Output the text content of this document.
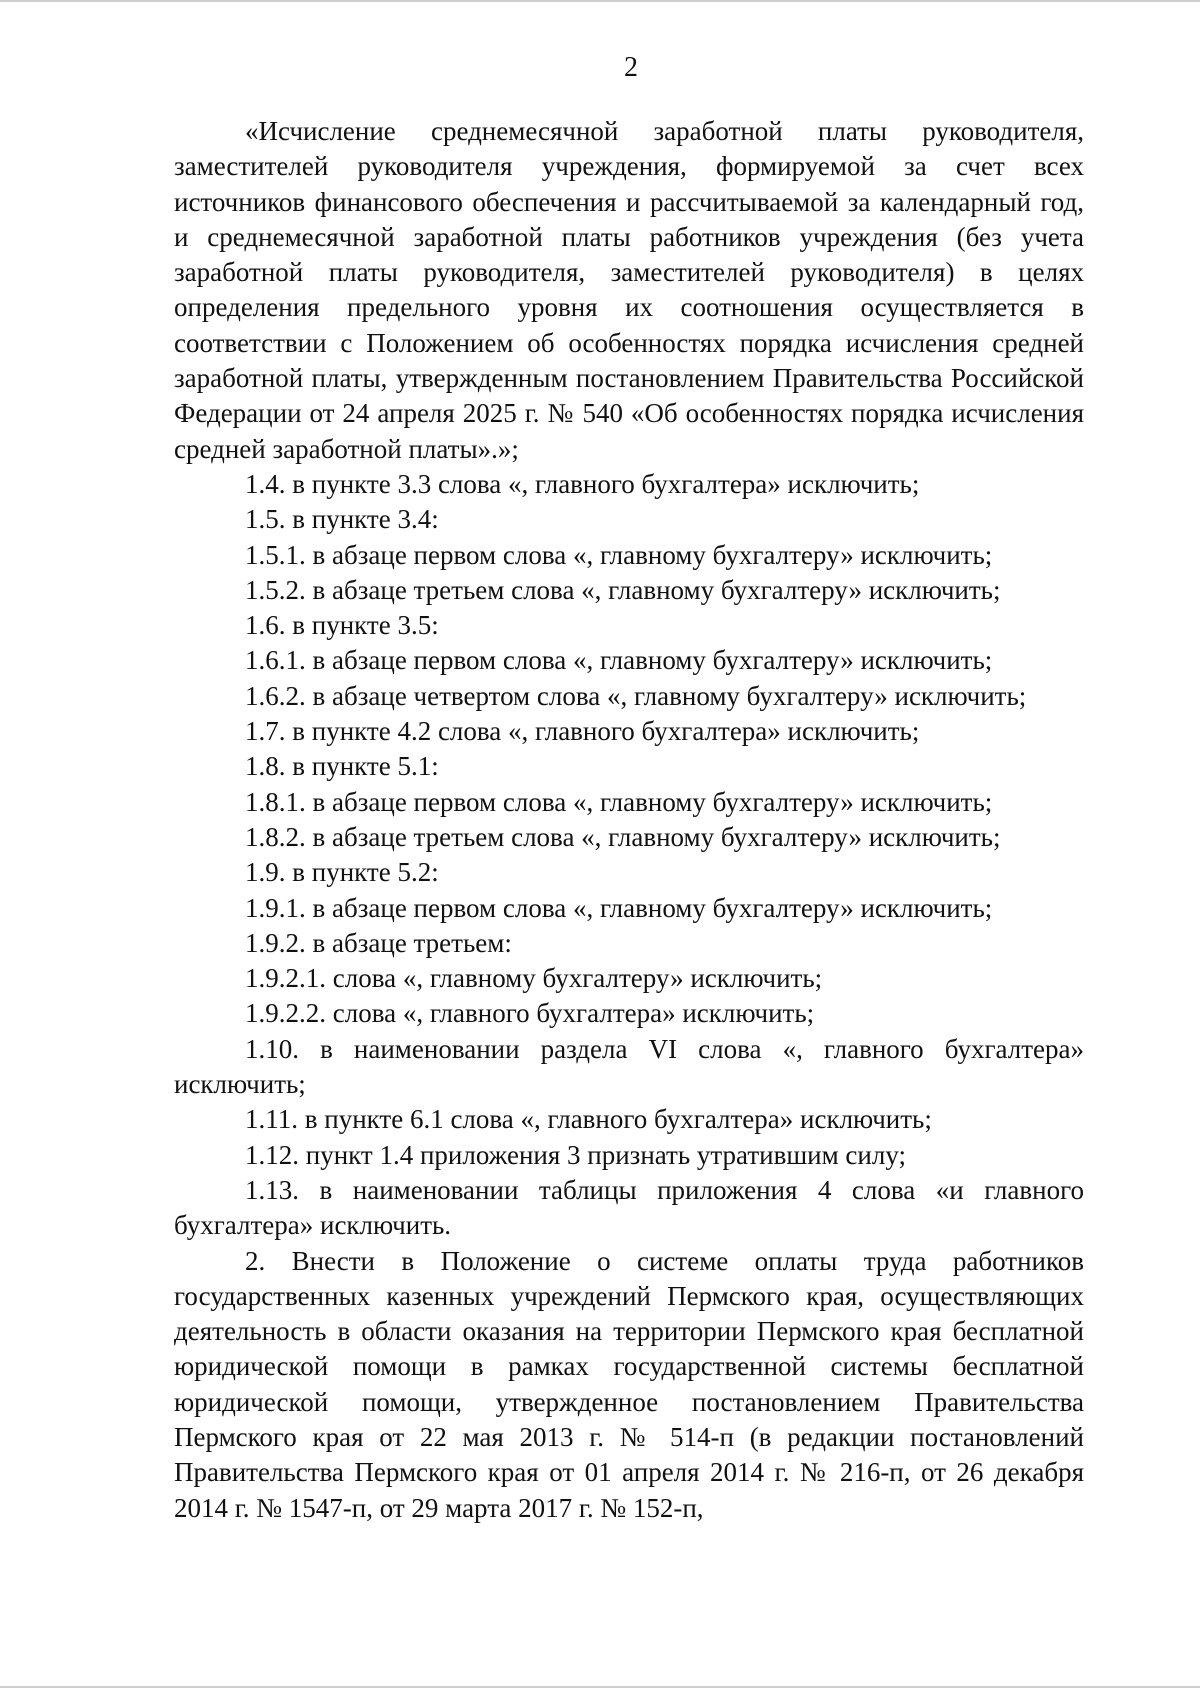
2

«Исчисление среднемесячной заработной платы руководителя, заместителей руководителя учреждения, формируемой за счет всех источников финансового обеспечения и рассчитываемой за календарный год, и среднемесячной заработной платы работников учреждения (без учета заработной платы руководителя, заместителей руководителя) в целях определения предельного уровня их соотношения осуществляется в соответствии с Положением об особенностях порядка исчисления средней заработной платы, утвержденным постановлением Правительства Российской Федерации от 24 апреля 2025 г. № 540 «Об особенностях порядка исчисления средней заработной платы».»;

1.4. в пункте 3.3 слова «, главного бухгалтера» исключить;

1.5. в пункте 3.4:

1.5.1. в абзаце первом слова «, главному бухгалтеру» исключить;

1.5.2. в абзаце третьем слова «, главному бухгалтеру» исключить;

1.6. в пункте 3.5:

1.6.1. в абзаце первом слова «, главному бухгалтеру» исключить;

1.6.2. в абзаце четвертом слова «, главному бухгалтеру» исключить;

1.7. в пункте 4.2 слова «, главного бухгалтера» исключить;

1.8. в пункте 5.1:

1.8.1. в абзаце первом слова «, главному бухгалтеру» исключить;

1.8.2. в абзаце третьем слова «, главному бухгалтеру» исключить;

1.9. в пункте 5.2:

1.9.1. в абзаце первом слова «, главному бухгалтеру» исключить;

1.9.2. в абзаце третьем:

1.9.2.1. слова «, главному бухгалтеру» исключить;

1.9.2.2. слова «, главного бухгалтера» исключить;

1.10. в наименовании раздела VI слова «, главного бухгалтера» исключить;

1.11. в пункте 6.1 слова «, главного бухгалтера» исключить;

1.12. пункт 1.4 приложения 3 признать утратившим силу;

1.13. в наименовании таблицы приложения 4 слова «и главного бухгалтера» исключить.

2. Внести в Положение о системе оплаты труда работников государственных казенных учреждений Пермского края, осуществляющих деятельность в области оказания на территории Пермского края бесплатной юридической помощи в рамках государственной системы бесплатной юридической помощи, утвержденное постановлением Правительства Пермского края от 22 мая 2013 г. № 514-п (в редакции постановлений Правительства Пермского края от 01 апреля 2014 г. № 216-п, от 26 декабря 2014 г. № 1547-п, от 29 марта 2017 г. № 152-п,
